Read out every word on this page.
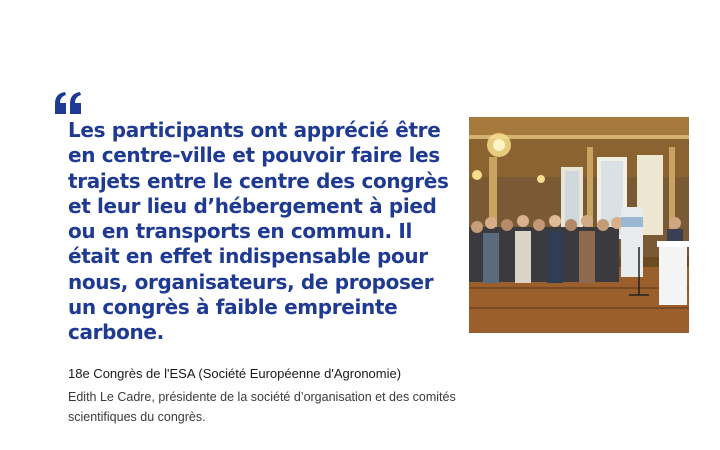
Les participants ont apprécié être
en centre-ville et pouvoir faire les
trajets entre le centre des congrès
et leur lieu d’hébergement à pied
ou en transports en commun. Il
était en effet indispensable pour
nous, organisateurs, de proposer
un congrès à faible empreinte
carbone.

18e Congrès de l'ESA (Société Européenne d'Agronomie)
Edith Le Cadre, présidente de la société d’organisation et des comités scientifiques du congrès.
